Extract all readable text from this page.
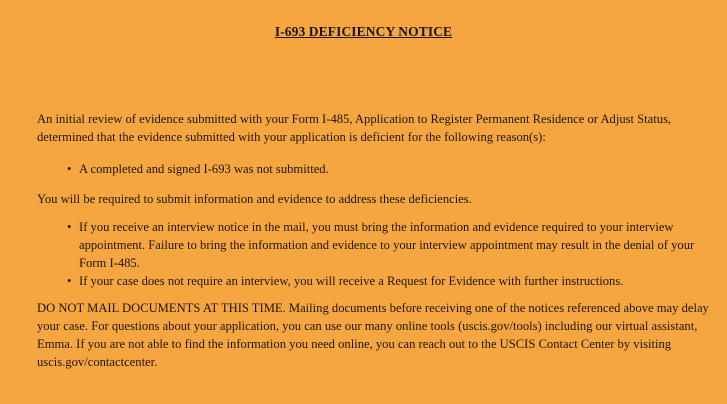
I-693 DEFICIENCY NOTICE

An initial review of evidence submitted with your Form I-485, Application to Register Permanent Residence or Adjust Status, determined that the evidence submitted with your application is deficient for the following reason(s):

• A completed and signed I-693 was not submitted.

You will be required to submit information and evidence to address these deficiencies.

• If you receive an interview notice in the mail, you must bring the information and evidence required to your interview appointment. Failure to bring the information and evidence to your interview appointment may result in the denial of your Form I-485.
• If your case does not require an interview, you will receive a Request for Evidence with further instructions.

DO NOT MAIL DOCUMENTS AT THIS TIME. Mailing documents before receiving one of the notices referenced above may delay your case. For questions about your application, you can use our many online tools (uscis.gov/tools) including our virtual assistant, Emma. If you are not able to find the information you need online, you can reach out to the USCIS Contact Center by visiting uscis.gov/contactcenter.
